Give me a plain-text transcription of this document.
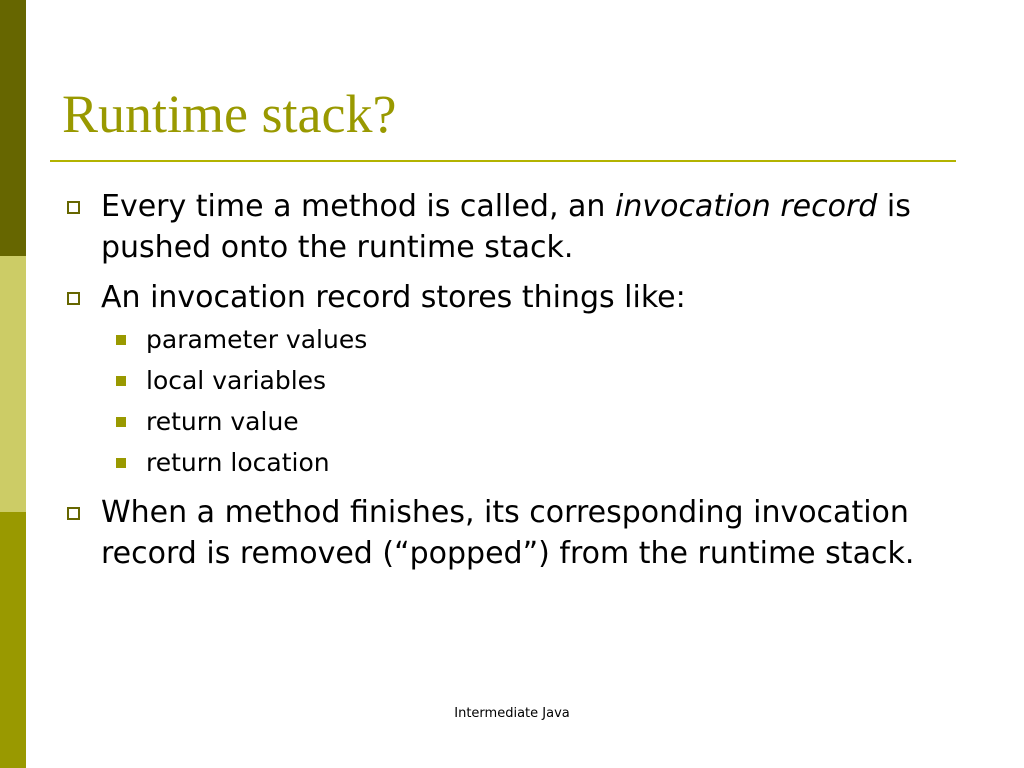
Runtime stack?
Every time a method is called, an invocation record is pushed onto the runtime stack.
An invocation record stores things like:
parameter values
local variables
return value
return location
When a method finishes, its corresponding invocation record is removed (“popped”) from the runtime stack.
Intermediate Java
